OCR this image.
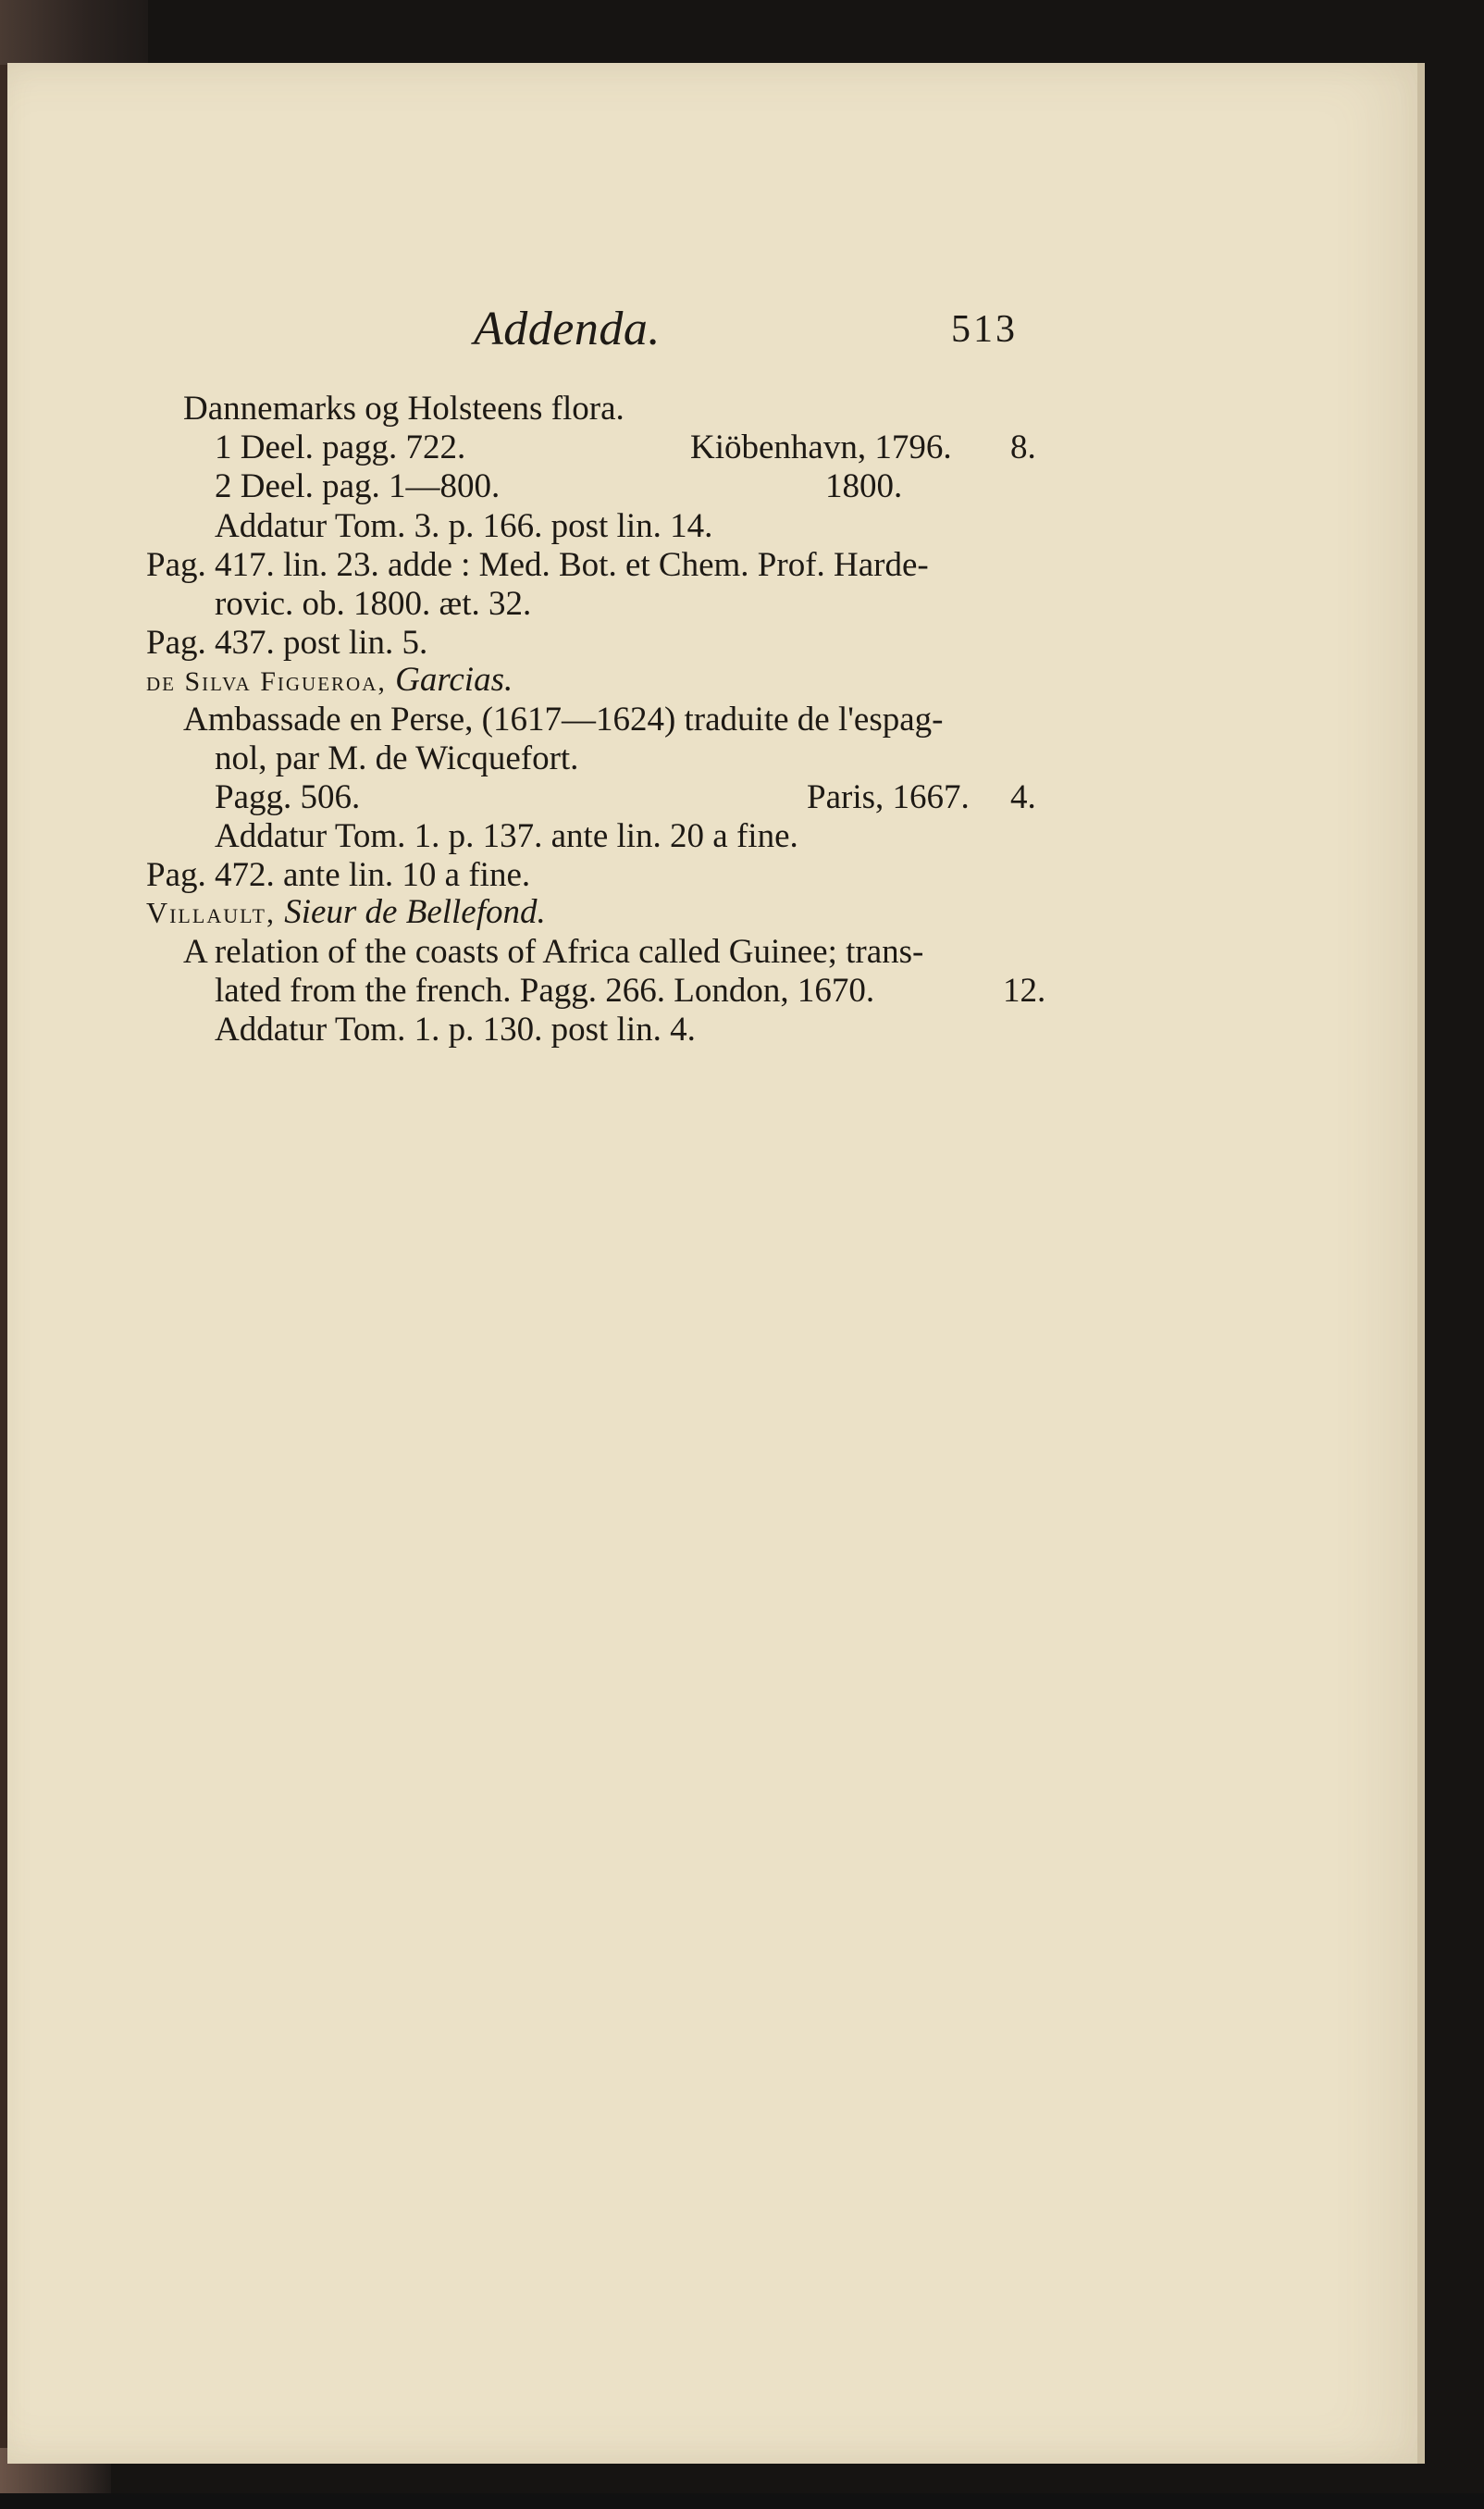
Addenda.	513
Dannemarks og Holsteens flora.
1 Deel. pagg. 722.	Kiöbenhavn, 1796. 8.
2 Deel. pag. 1—800.	1800.
Addatur Tom. 3. p. 166. post lin. 14.
Pag. 417. lin. 23. adde : Med. Bot. et Chem. Prof. Harde-
rovic. ob. 1800. æt. 32.
Pag. 437. post lin. 5.
de Silva Figueroa, Garcias.
Ambassade en Perse, (1617—1624) traduite de l'espag-
nol, par M. de Wicquefort.
Pagg. 506.	Paris, 1667. 4.
Addatur Tom. 1. p. 137. ante lin. 20 a fine.
Pag. 472. ante lin. 10 a fine.
Villault, Sieur de Bellefond.
A relation of the coasts of Africa called Guinee; trans-
lated from the french. Pagg. 266. London, 1670.	12.
Addatur Tom. 1. p. 130. post lin. 4.
